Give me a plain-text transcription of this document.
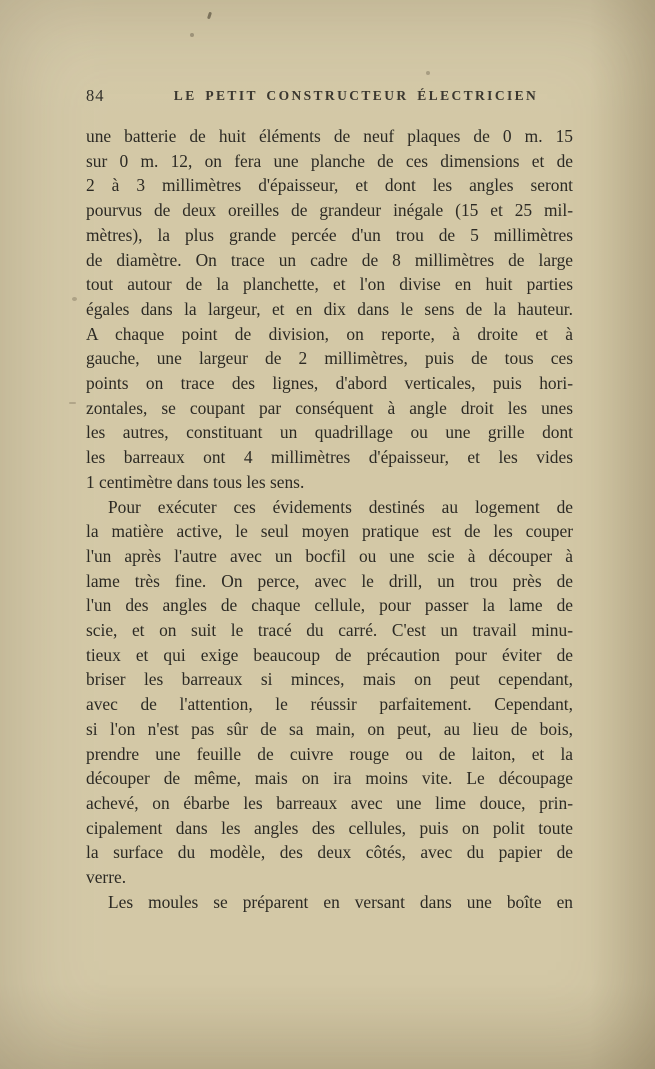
84	LE PETIT CONSTRUCTEUR ÉLECTRICIEN
une batterie de huit éléments de neuf plaques de 0 m. 15
sur 0 m. 12, on fera une planche de ces dimensions et de
2 à 3 millimètres d'épaisseur, et dont les angles seront
pourvus de deux oreilles de grandeur inégale (15 et 25 mil-
mètres), la plus grande percée d'un trou de 5 millimètres
de diamètre. On trace un cadre de 8 millimètres de large
tout autour de la planchette, et l'on divise en huit parties
égales dans la largeur, et en dix dans le sens de la hauteur.
A chaque point de division, on reporte, à droite et à
gauche, une largeur de 2 millimètres, puis de tous ces
points on trace des lignes, d'abord verticales, puis hori-
zontales, se coupant par conséquent à angle droit les unes
les autres, constituant un quadrillage ou une grille dont
les barreaux ont 4 millimètres d'épaisseur, et les vides
1 centimètre dans tous les sens.
Pour exécuter ces évidements destinés au logement de
la matière active, le seul moyen pratique est de les couper
l'un après l'autre avec un bocfil ou une scie à découper à
lame très fine. On perce, avec le drill, un trou près de
l'un des angles de chaque cellule, pour passer la lame de
scie, et on suit le tracé du carré. C'est un travail minu-
tieux et qui exige beaucoup de précaution pour éviter de
briser les barreaux si minces, mais on peut cependant,
avec de l'attention, le réussir parfaitement. Cependant,
si l'on n'est pas sûr de sa main, on peut, au lieu de bois,
prendre une feuille de cuivre rouge ou de laiton, et la
découper de même, mais on ira moins vite. Le découpage
achevé, on ébarbe les barreaux avec une lime douce, prin-
cipalement dans les angles des cellules, puis on polit toute
la surface du modèle, des deux côtés, avec du papier de
verre.
Les moules se préparent en versant dans une boîte en
